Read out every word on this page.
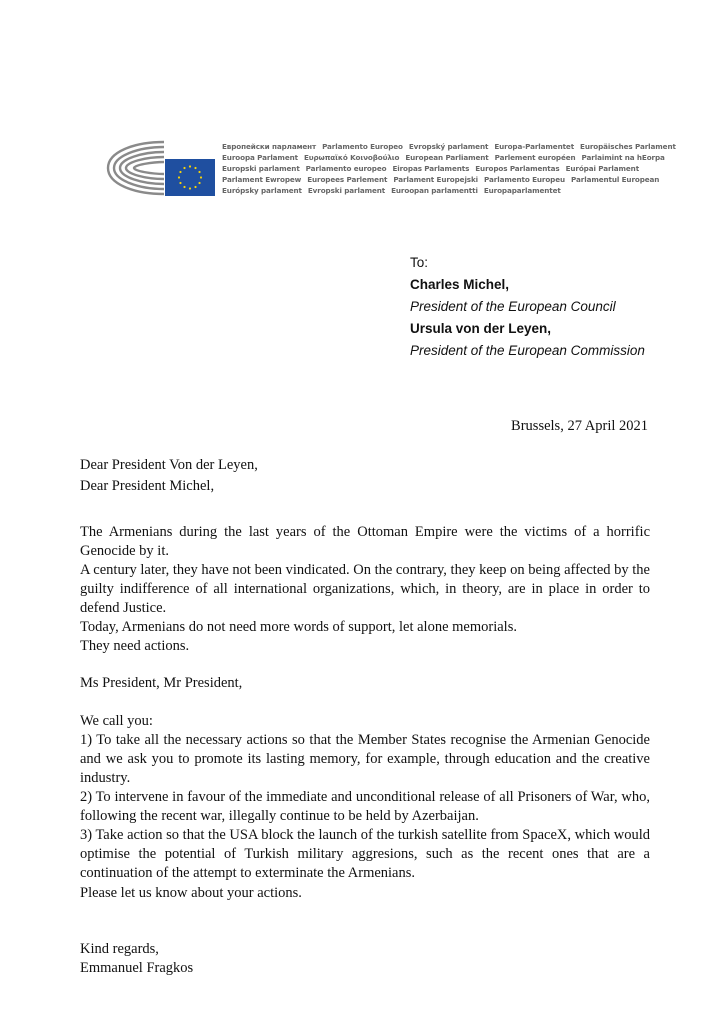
Европейски парламент Parlamento Europeo Evropský parlament Europa-Parlamentet Europäisches Parlament
Euroopa Parlament Ευρωπαϊκό Κοινοβούλιο European Parliament Parlement européen Parlaimint na hEorpa
Europski parlament Parlamento europeo Eiropas Parlaments Europos Parlamentas Európai Parlament
Parlament Ewropew Europees Parlement Parlament Europejski Parlamento Europeu Parlamentul European
Európsky parlament Evropski parlament Euroopan parlamentti Europaparlamentet
To:
Charles Michel,
President of the European Council
Ursula von der Leyen,
President of the European Commission
Brussels, 27 April 2021
Dear President Von der Leyen,
Dear President Michel,
The Armenians during the last years of the Ottoman Empire were the victims of a horrific Genocide by it.
A century later, they have not been vindicated. On the contrary, they keep on being affected by the guilty indifference of all international organizations, which, in theory, are in place in order to defend Justice.
Today, Armenians do not need more words of support, let alone memorials.
They need actions.
Ms President, Mr President,
We call you:
1) To take all the necessary actions so that the Member States recognise the Armenian Genocide and we ask you to promote its lasting memory, for example, through education and the creative industry.
2) To intervene in favour of the immediate and unconditional release of all Prisoners of War, who, following the recent war, illegally continue to be held by Azerbaijan.
3) Take action so that the USA block the launch of the turkish satellite from SpaceX, which would optimise the potential of Turkish military aggresions, such as the recent ones that are a continuation of the attempt to exterminate the Armenians.
Please let us know about your actions.
Kind regards,
Emmanuel Fragkos
